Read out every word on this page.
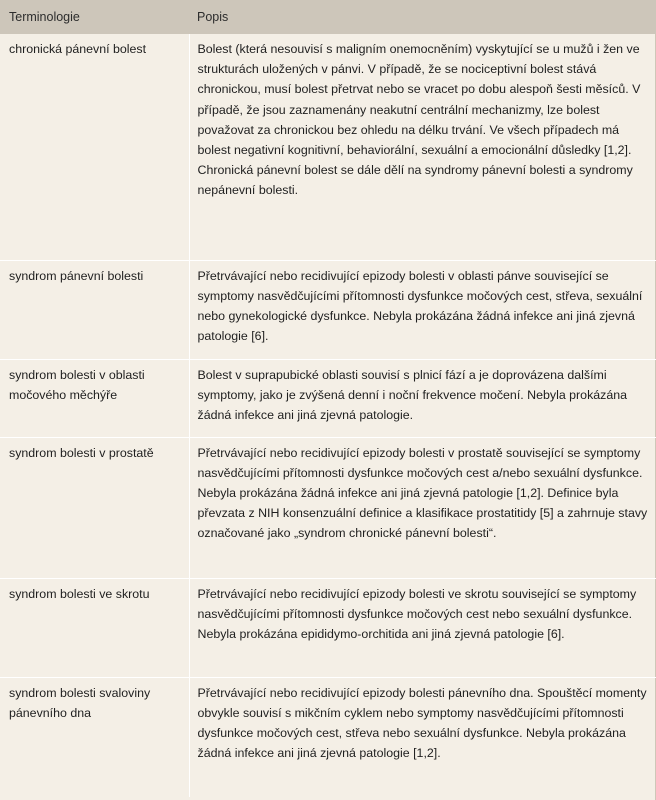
Terminologie	Popis
chronická pánevní bolest	Bolest (která nesouvisí s maligním onemocněním) vyskytující se u mužů i žen ve strukturách uložených v pánvi. V případě, že se nociceptivní bolest stává chronickou, musí bolest přetrvat nebo se vracet po dobu alespoň šesti měsíců. V případě, že jsou zaznamenány neakutní centrální mechanizmy, lze bolest považovat za chronickou bez ohledu na délku trvání. Ve všech případech má bolest negativní kognitivní, behaviorální, sexuální a emocionální důsledky [1,2]. Chronická pánevní bolest se dále dělí na syndromy pánevní bolesti a syndromy nepánevní bolesti.
syndrom pánevní bolesti	Přetrvávající nebo recidivující epizody bolesti v oblasti pánve související se symptomy nasvědčujícími přítomnosti dysfunkce močových cest, střeva, sexuální nebo gynekologické dysfunkce. Nebyla prokázána žádná infekce ani jiná zjevná patologie [6].
syndrom bolesti v oblasti močového měchýře	Bolest v suprapubické oblasti souvisí s plnicí fází a je doprovázena dalšími symptomy, jako je zvýšená denní i noční frekvence močení. Nebyla prokázána žádná infekce ani jiná zjevná patologie.
syndrom bolesti v prostatě	Přetrvávající nebo recidivující epizody bolesti v prostatě související se symptomy nasvědčujícími přítomnosti dysfunkce močových cest a/nebo sexuální dysfunkce. Nebyla prokázána žádná infekce ani jiná zjevná patologie [1,2]. Definice byla převzata z NIH konsenzuální definice a klasifikace prostatitidy [5] a zahrnuje stavy označované jako „syndrom chronické pánevní bolesti“.
syndrom bolesti ve skrotu	Přetrvávající nebo recidivující epizody bolesti ve skrotu související se symptomy nasvědčujícími přítomnosti dysfunkce močových cest nebo sexuální dysfunkce. Nebyla prokázána epididymo-orchitida ani jiná zjevná patologie [6].
syndrom bolesti svaloviny pánevního dna	Přetrvávající nebo recidivující epizody bolesti pánevního dna. Spouštěcí momenty obvykle souvisí s mikčním cyklem nebo symptomy nasvědčujícími přítomnosti dysfunkce močových cest, střeva nebo sexuální dysfunkce. Nebyla prokázána žádná infekce ani jiná zjevná patologie [1,2].
